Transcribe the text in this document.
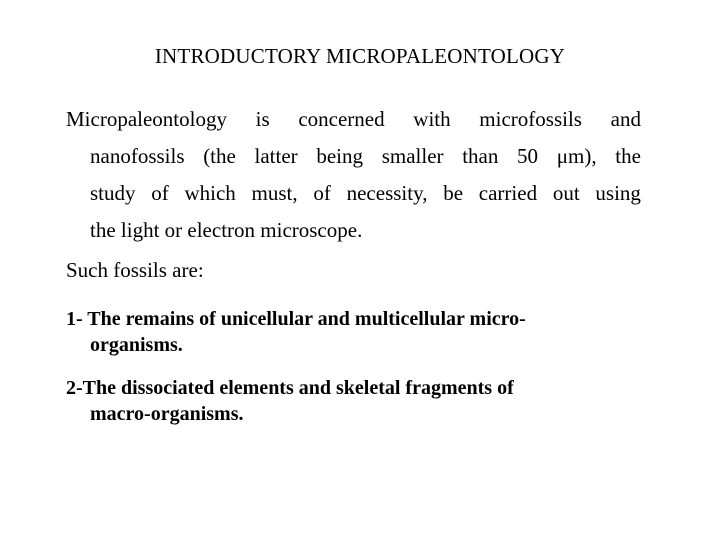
INTRODUCTORY MICROPALEONTOLOGY
Micropaleontology is concerned with microfossils and
nanofossils (the latter being smaller than 50 μm), the
study of which must, of necessity, be carried out using
the light or electron microscope.
Such fossils are:
1- The remains of unicellular and multicellular micro-
organisms.
2-The dissociated elements and skeletal fragments of
macro-organisms.
